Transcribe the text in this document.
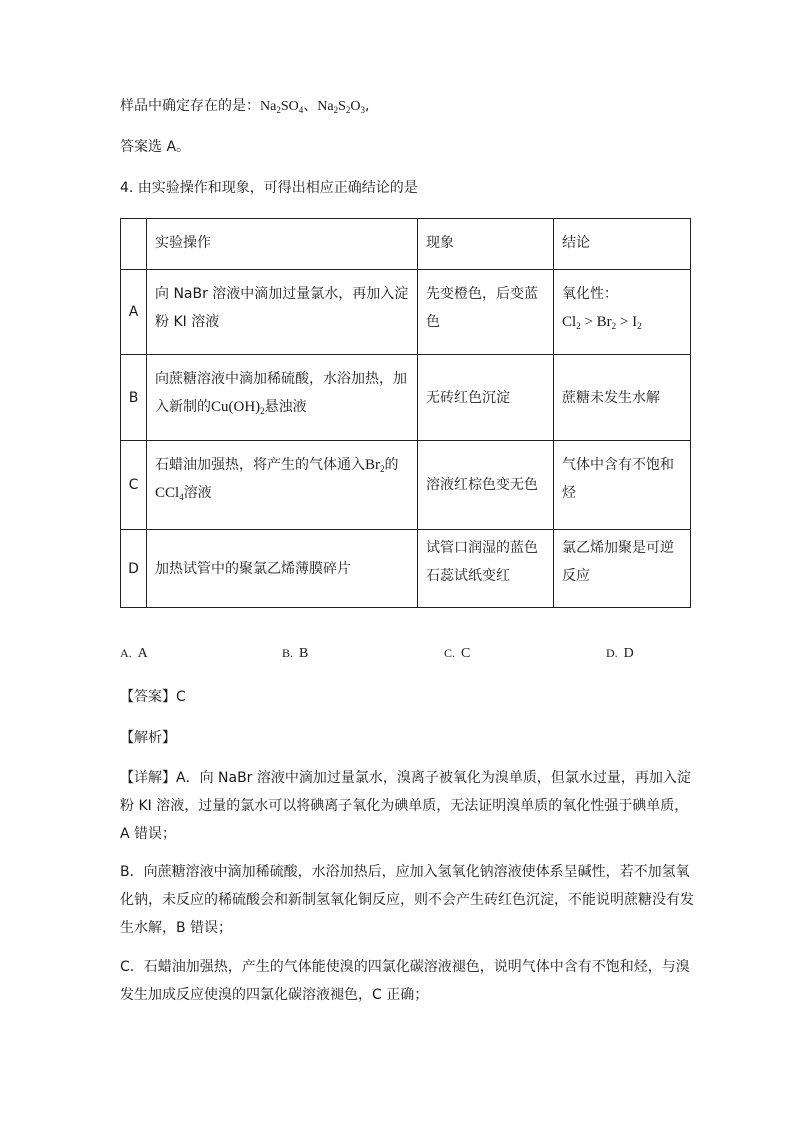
样品中确定存在的是：$Na_2SO_4$、$Na_2S_2O_3$,
答案选 A。
4. 由实验操作和现象，可得出相应正确结论的是
	实验操作	现象	结论
A	向 NaBr 溶液中滴加过量氯水，再加入淀粉 KI 溶液	先变橙色，后变蓝色	氧化性：
$Cl_2 > Br_2 > I_2$
B	向蔗糖溶液中滴加稀硫酸，水浴加热，加入新制的$Cu(OH)_2$悬浊液	无砖红色沉淀	蔗糖未发生水解
C	石蜡油加强热，将产生的气体通入$Br_2$的
CCl$_4$溶液	溶液红棕色变无色	气体中含有不饱和烃
D	加热试管中的聚氯乙烯薄膜碎片	试管口润湿的蓝色石蕊试纸变红	氯乙烯加聚是可逆反应
A. A	B. B	C. C	D. D
【答案】C
【解析】
【详解】A．向 NaBr 溶液中滴加过量氯水，溴离子被氧化为溴单质，但氯水过量，再加入淀粉 KI 溶液，过量的氯水可以将碘离子氧化为碘单质，无法证明溴单质的氧化性强于碘单质，A 错误；
B．向蔗糖溶液中滴加稀硫酸，水浴加热后，应加入氢氧化钠溶液使体系呈碱性，若不加氢氧化钠，未反应的稀硫酸会和新制氢氧化铜反应，则不会产生砖红色沉淀，不能说明蔗糖没有发生水解，B 错误；
C．石蜡油加强热，产生的气体能使溴的四氯化碳溶液褪色，说明气体中含有不饱和烃，与溴发生加成反应使溴的四氯化碳溶液褪色，C 正确；
